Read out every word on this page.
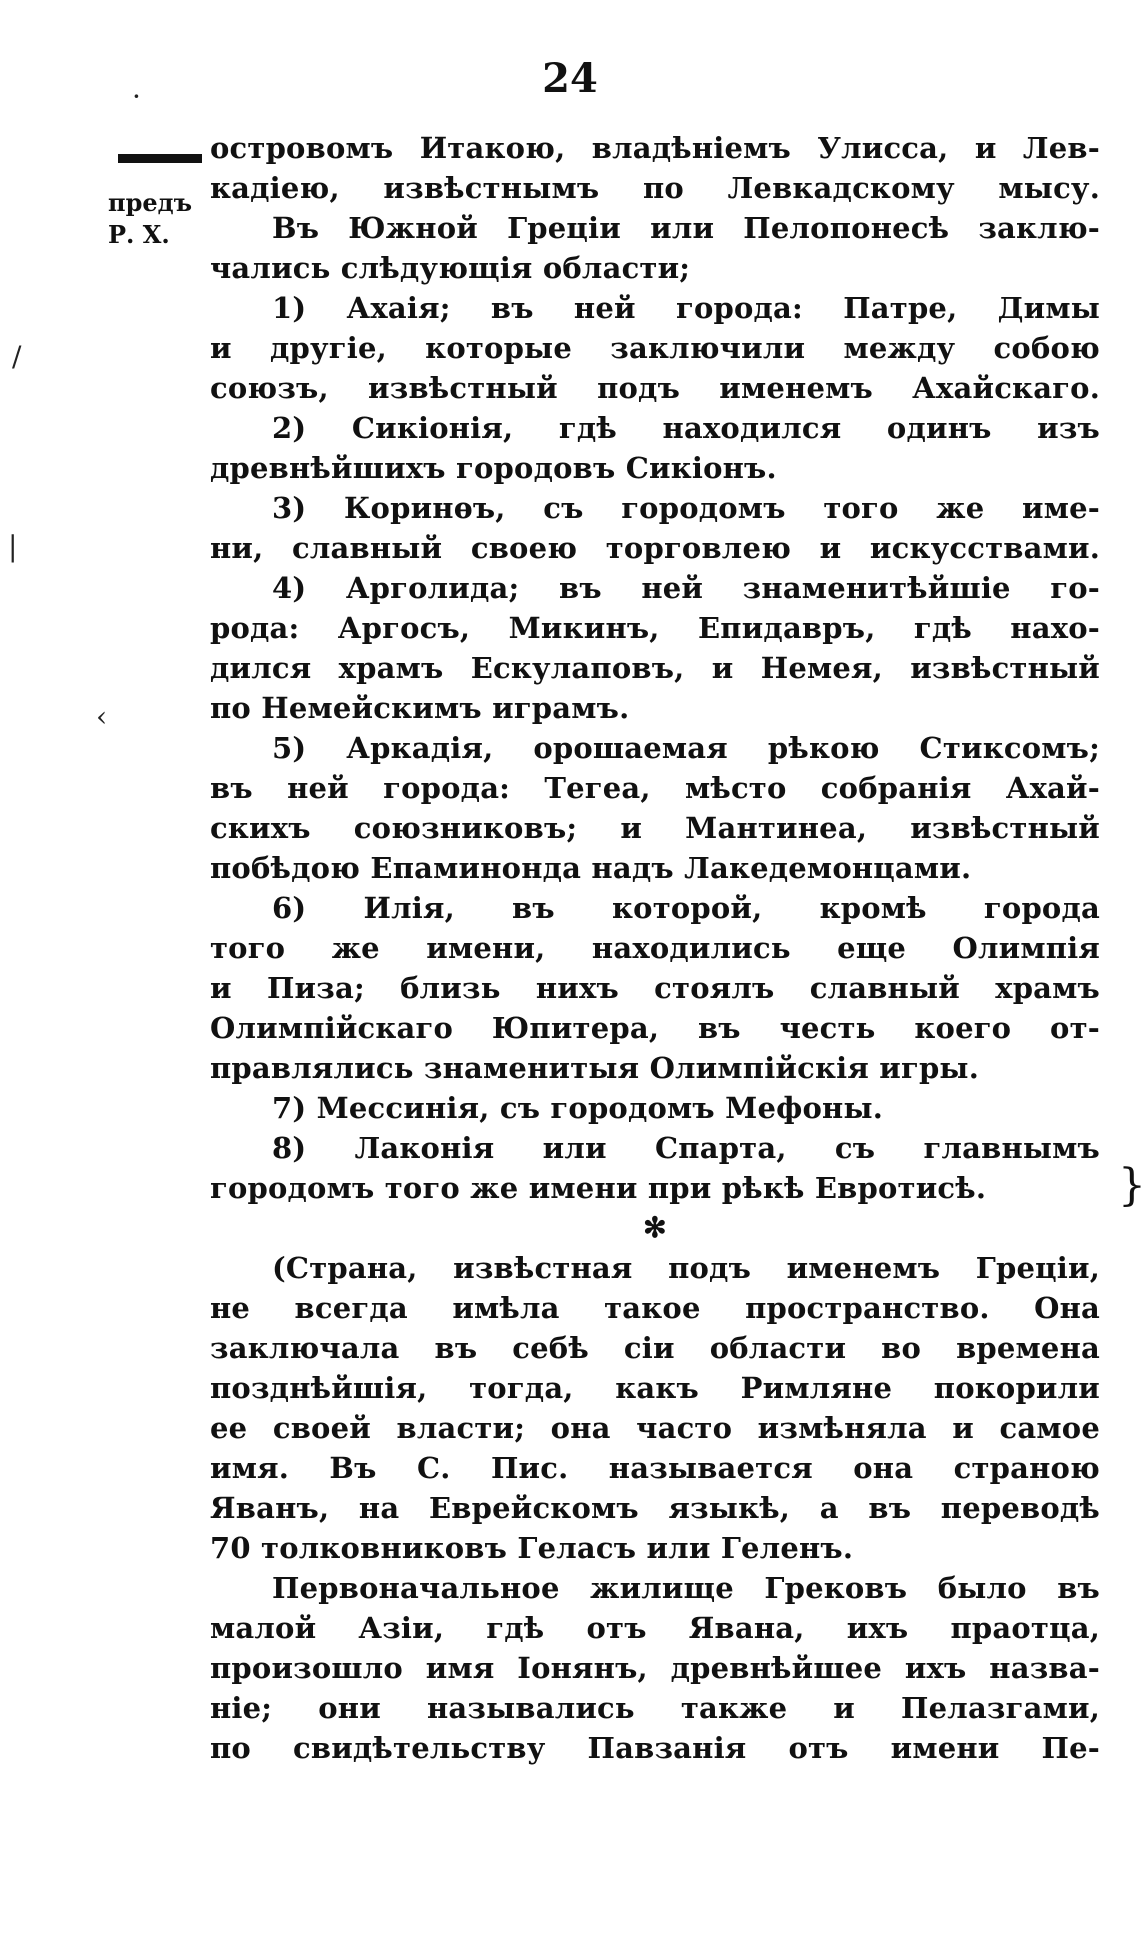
24
предъ
Р. Х.
островомъ Итакою, владѣніемъ Улисса, и Лев-
кадіею, извѣстнымъ по Левкадскому мысу.
Въ Южной Греціи или Пелопонесѣ заклю-
чались слѣдующія области;
1) Ахаія; въ ней города: Патре, Димы
и другіе, которые заключили между собою
союзъ, извѣстный подъ именемъ Ахайскаго.
2) Сикіонія, гдѣ находился одинъ изъ
древнѣйшихъ городовъ Сикіонъ.
3) Коринѳъ, съ городомъ того же име-
ни, славный своею торговлею и искусствами.
4) Арголида; въ ней знаменитѣйшіе го-
рода: Аргосъ, Микинъ, Епидавръ, гдѣ нахо-
дился храмъ Ескулаповъ, и Немея, извѣстный
по Немейскимъ играмъ.
5) Аркадія, орошаемая рѣкою Стиксомъ;
въ ней города: Тегеа, мѣсто собранія Ахай-
скихъ союзниковъ; и Мантинеа, извѣстный
побѣдою Епаминонда надъ Лакедемонцами.
6) Илія, въ которой, кромѣ города
того же имени, находились еще Олимпія
и Пиза; близь нихъ стоялъ славный храмъ
Олимпійскаго Юпитера, въ честь коего от-
правлялись знаменитыя Олимпійскія игры.
7) Мессинія, съ городомъ Мефоны.
8) Лаконія или Спарта, съ главнымъ
городомъ того же имени при рѣкѣ Евротисѣ.
✻
(Страна, извѣстная подъ именемъ Греціи,
не всегда имѣла такое пространство. Она
заключала въ себѣ сіи области во времена
позднѣйшія, тогда, какъ Римляне покорили
ее своей власти; она часто измѣняла и самое
имя. Въ С. Пис. называется она страною
Яванъ, на Еврейскомъ языкѣ, а въ переводѣ
70 толковниковъ Геласъ или Геленъ.
Первоначальное жилище Грековъ было въ
малой Азіи, гдѣ отъ Явана, ихъ праотца,
произошло имя Іонянъ, древнѣйшее ихъ назва-
ніе; они назывались также и Пелазгами,
по свидѣтельству Павзанія отъ имени Пе-
}
·
/
|
‹
